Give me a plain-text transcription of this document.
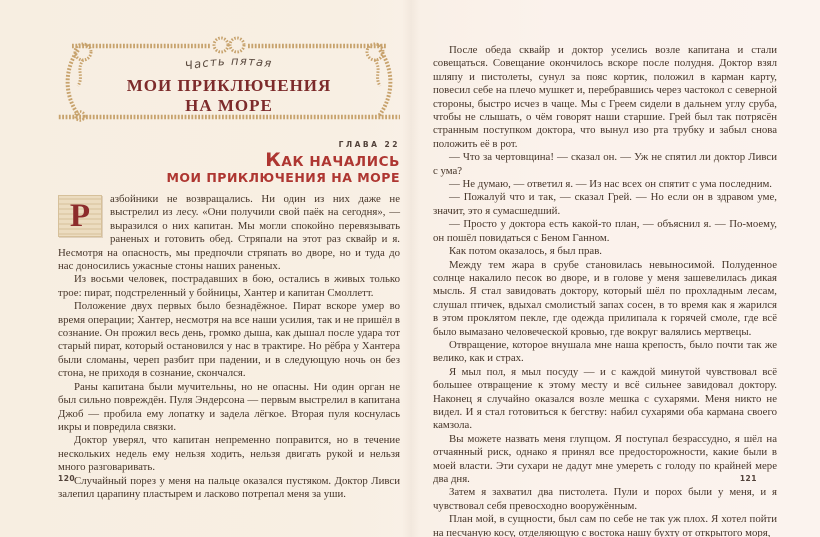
Часть пятая
МОИ ПРИКЛЮЧЕНИЯ
НА МОРЕ
ГЛАВА 22
КАК НАЧАЛИСЬ
МОИ ПРИКЛЮЧЕНИЯ НА МОРЕ
Р	азбойники не возвращались. Ни один из них даже не выстрелил из лесу. «Они получили свой паёк на сегодня», — выразился о них капитан. Мы могли спокойно перевязывать раненых и готовить обед. Стряпали на этот раз сквайр и я. Несмотря на опасность, мы предпочли стряпать во дворе, но и туда до нас доносились ужасные стоны наших раненых.

Из восьми человек, пострадавших в бою, остались в живых только трое: пират, подстреленный у бойницы, Хантер и капитан Смоллетт.

Положение двух первых было безнадёжное. Пират вскоре умер во время операции; Хантер, несмотря на все наши усилия, так и не пришёл в сознание. Он прожил весь день, громко дыша, как дышал после удара тот старый пират, который остановился у нас в трактире. Но рёбра у Хантера были сломаны, череп разбит при падении, и в следующую ночь он без стона, не приходя в сознание, скончался.

Раны капитана были мучительны, но не опасны. Ни один орган не был сильно повреждён. Пуля Эндерсона — первым выстрелил в капитана Джоб — пробила ему лопатку и задела лёгкое. Вторая пуля коснулась икры и повредила связки.

Доктор уверял, что капитан непременно поправится, но в течение нескольких недель ему нельзя ходить, нельзя двигать рукой и нельзя много разговаривать.

Случайный порез у меня на пальце оказался пустяком. Доктор Ливси залепил царапину пластырем и ласково потрепал меня за уши.

После обеда сквайр и доктор уселись возле капитана и стали совещаться. Совещание окончилось вскоре после полудня. Доктор взял шляпу и пистолеты, сунул за пояс кортик, положил в карман карту, повесил себе на плечо мушкет и, перебравшись через частокол с северной стороны, быстро исчез в чаще. Мы с Греем сидели в дальнем углу сруба, чтобы не слышать, о чём говорят наши старшие. Грей был так потрясён странным поступком доктора, что вынул изо рта трубку и забыл снова положить её в рот.

— Что за чертовщина! — сказал он. — Уж не спятил ли доктор Ливси с ума?

— Не думаю, — ответил я. — Из нас всех он спятит с ума последним.

— Пожалуй что и так, — сказал Грей. — Но если он в здравом уме, значит, это я сумасшедший.

— Просто у доктора есть какой-то план, — объяснил я. — По-моему, он пошёл повидаться с Беном Ганном.

Как потом оказалось, я был прав.

Между тем жара в срубе становилась невыносимой. Полуденное солнце накалило песок во дворе, и в голове у меня зашевелилась дикая мысль. Я стал завидовать доктору, который шёл по прохладным лесам, слушал птичек, вдыхал смолистый запах сосен, в то время как я жарился в этом проклятом пекле, где одежда прилипала к горячей смоле, где всё было вымазано человеческой кровью, где вокруг валялись мертвецы.

Отвращение, которое внушала мне наша крепость, было почти так же велико, как и страх.

Я мыл пол, я мыл посуду — и с каждой минутой чувствовал всё большее отвращение к этому месту и всё сильнее завидовал доктору. Наконец я случайно оказался возле мешка с сухарями. Меня никто не видел. И я стал готовиться к бегству: набил сухарями оба кармана своего камзола.

Вы можете назвать меня глупцом. Я поступал безрассудно, я шёл на отчаянный риск, однако я принял все предосторожности, какие были в моей власти. Эти сухари не дадут мне умереть с голоду по крайней мере два дня.

Затем я захватил два пистолета. Пули и порох были у меня, и я чувствовал себя превосходно вооружённым.

План мой, в сущности, был сам по себе не так уж плох. Я хотел пойти на песчаную косу, отделяющую с востока нашу бухту от открытого моря,

120	121
